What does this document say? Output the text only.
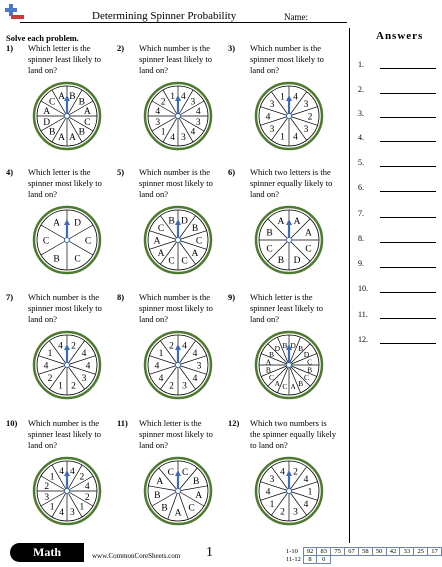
Determining Spinner Probability	Name:
Solve each problem.	Answers
1.
2.
3.
4.
5.
6.
7.
8.
9.
10.
11.
12.
1) Which letter is the spinner least likely to land on?
B
B
A
C
B
A
A
B
D
A
C
A
2) Which number is the spinner least likely to land on?
4
3
4
3
4
3
4
1
3
4
2
1
3) Which number is the spinner most likely to land on?
4
3
2
3
4
1
3
4
3
1
4) Which letter is the spinner most likely to land on?
D
C
C
B
C
A
5) Which number is the spinner most likely to land on?
D
B
C
A
C
C
A
A
C
B
6) Which two letters is the spinner equally likely to land on?
A
A
C
D
B
C
B
A
7) Which number is the spinner most likely to land on?
2
4
4
3
2
1
2
4
1
4
8) Which number is the spinner most likely to land on?
4
4
3
4
3
2
4
4
1
2
9) Which letter is the spinner least likely to land on?
D B
D
C
B
C
B
A
C
A
C
B
A
B
D B
10) Which number is the spinner least likely to land on?
4
2
4
2
1
3
4
1
3
2
1
4
11) Which letter is the spinner most likely to land on?
C
B
A
C
A
B
B
A
C
12) Which two numbers is the spinner equally likely to land on?
2
4
1
4
3
2
1
4
3
4
Math	www.CommonCoreSheets.com 1	1-10	92	83	75	67	58	50	42	33	25	17
11-12	8	0								
